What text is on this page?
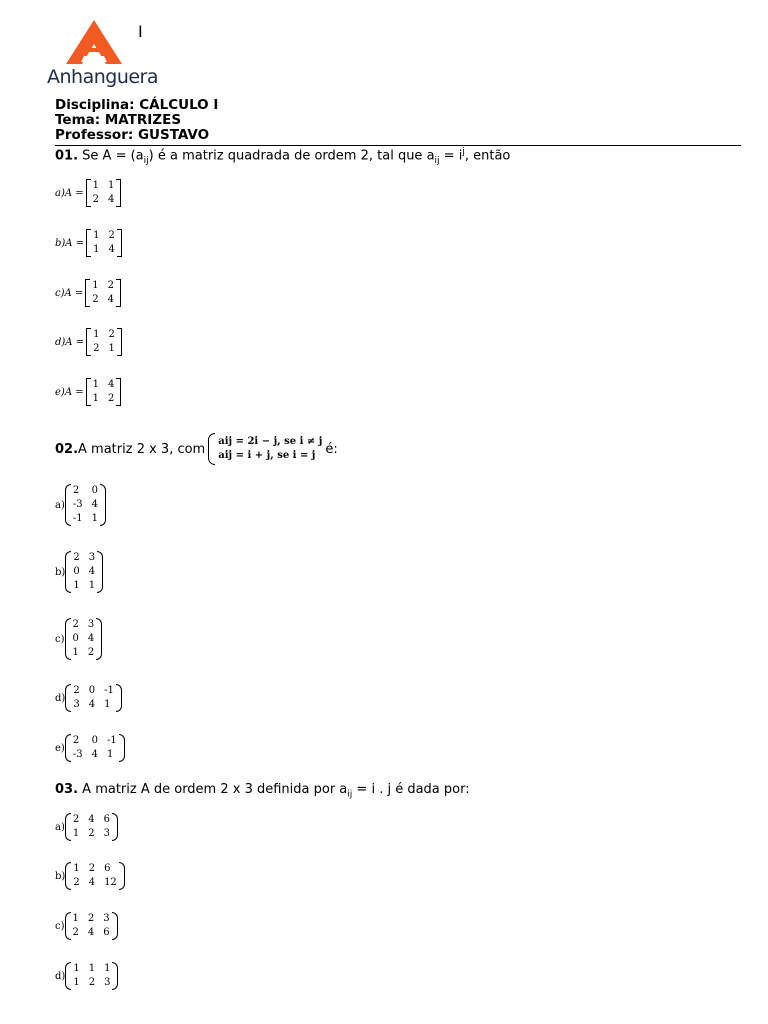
Anhanguera
I
Disciplina: CÁLCULO I
Tema: MATRIZES
Professor: GUSTAVO
01. Se $A = (a_{ij})$ é a matriz quadrada de ordem 2, tal que $a_{ij} = i^j$, então
a)A =
1 1
2 4
b)A =
1 2
1 4
c)A =
1 2
2 4
d)A =
1 2
2 1
e)A =
1 4
1 2
02. A matriz 2 x 3, com aij = 2i − j, se i ≠ j
aij = i + j, se i = j é:
a)
2	0
-3 4
-1 1
b)
2 3
0 4
1 1
c)
2 3
0 4
1 2
d)
2 0 -1
3 4 1
e)
2	0 -1
-3 4 1
03. A matriz A de ordem 2 x 3 definida por $a_{ij} = i$ . j é dada por:
a)
2 4 6
1 2 3
b)
1 2 6
2 4 12
c)
1 2 3
2 4 6
d)
1 1 1
1 2 3
